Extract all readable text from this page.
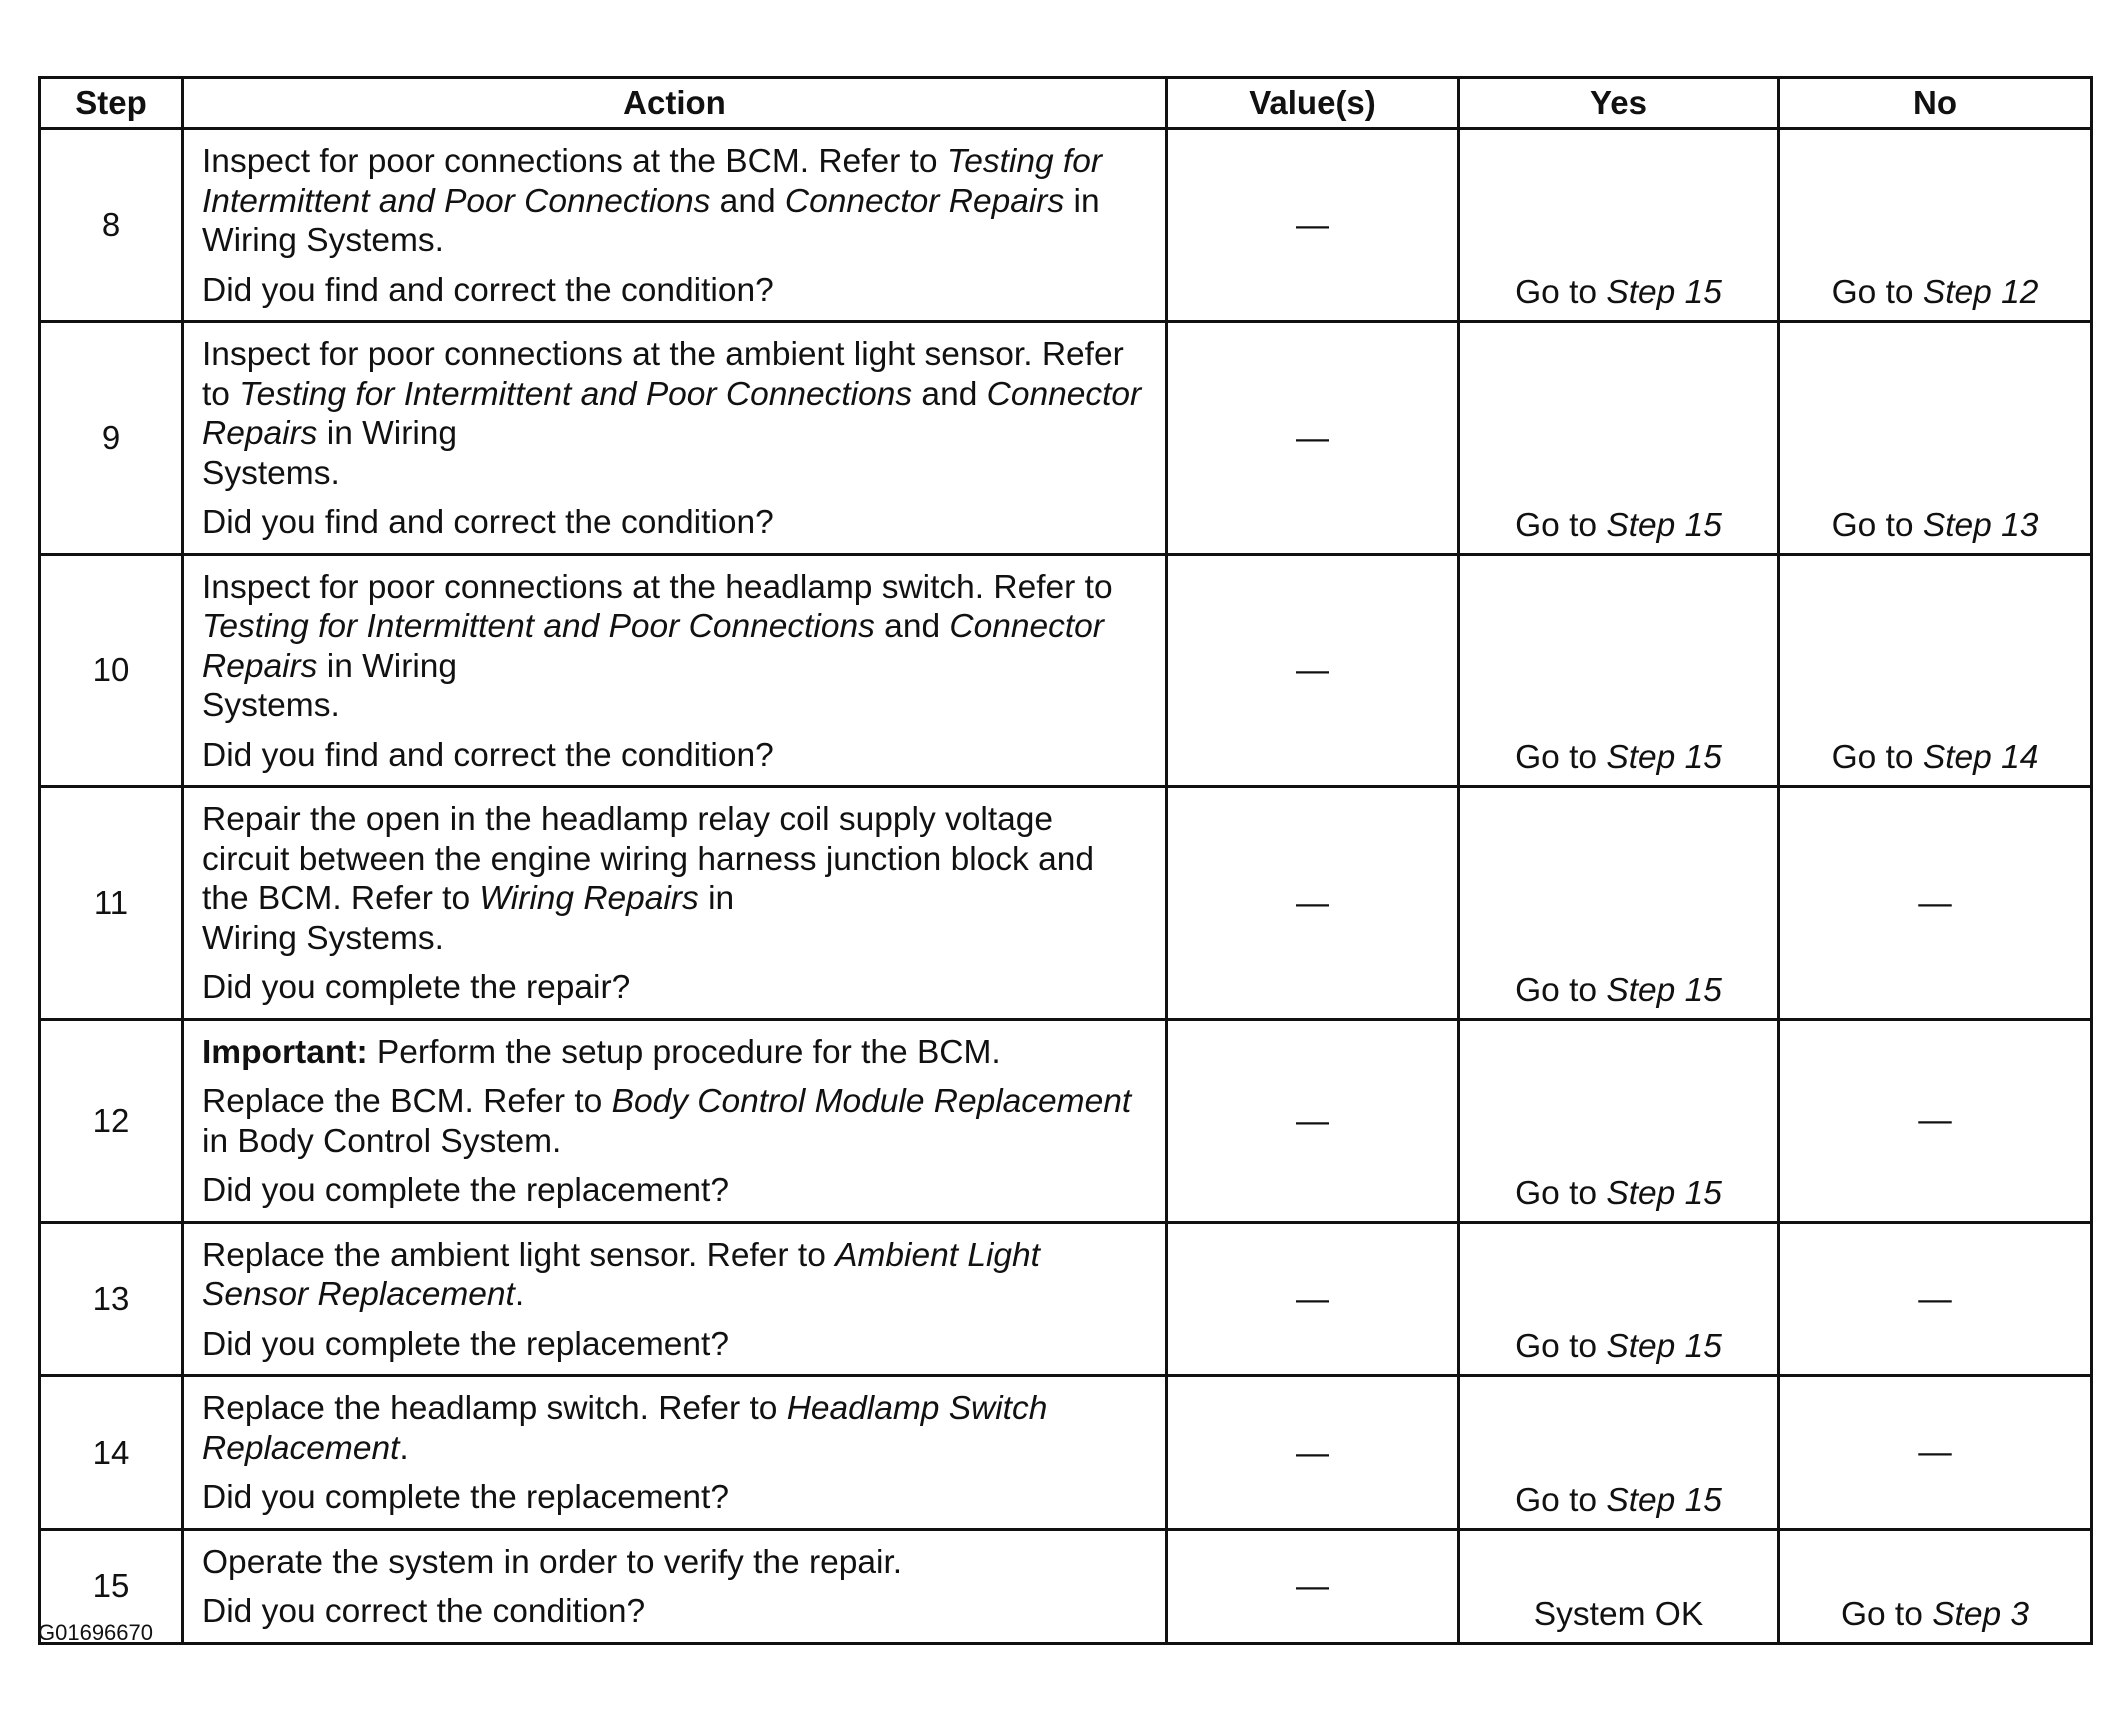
Step	Action	Value(s)	Yes	No
8	Inspect for poor connections at the BCM. Refer to Testing for Intermittent and Poor Connections and Connector Repairs in Wiring Systems.

Did you find and correct the condition?	—	Go to Step 15	Go to Step 12
9	Inspect for poor connections at the ambient light sensor. Refer to Testing for Intermittent and Poor Connections and Connector Repairs in Wiring
Systems.

Did you find and correct the condition?	—	Go to Step 15	Go to Step 13
10	Inspect for poor connections at the headlamp switch. Refer to Testing for Intermittent and Poor Connections and Connector Repairs in Wiring
Systems.

Did you find and correct the condition?	—	Go to Step 15	Go to Step 14
11	Repair the open in the headlamp relay coil supply voltage circuit between the engine wiring harness junction block and the BCM. Refer to Wiring Repairs in
Wiring Systems.

Did you complete the repair?	—	Go to Step 15	—
12	Important: Perform the setup procedure for the BCM.

Replace the BCM. Refer to Body Control Module Replacement in Body Control System.

Did you complete the replacement?	—	Go to Step 15	—
13	Replace the ambient light sensor. Refer to Ambient Light Sensor Replacement.

Did you complete the replacement?	—	Go to Step 15	—
14	Replace the headlamp switch. Refer to Headlamp Switch Replacement.

Did you complete the replacement?	—	Go to Step 15	—
15	Operate the system in order to verify the repair.

Did you correct the condition?	—	System OK	Go to Step 3
G01696670
